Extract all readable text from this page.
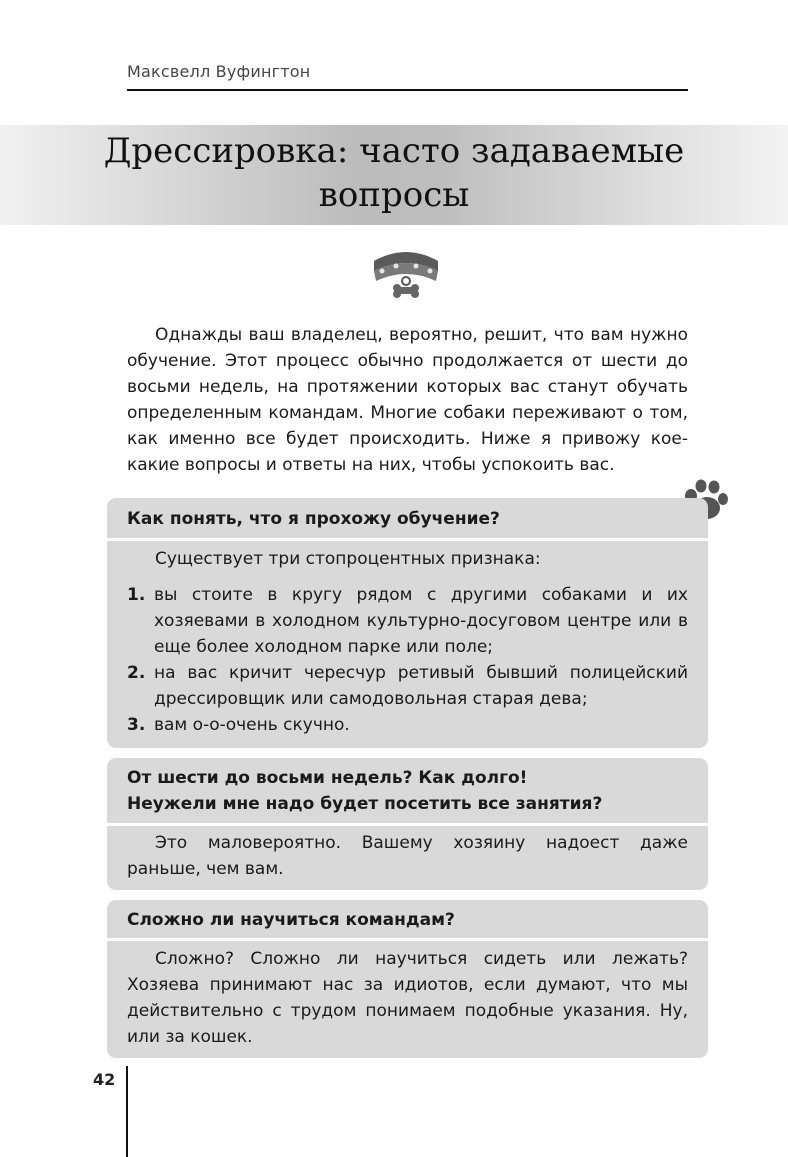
Максвелл Вуфингтон
Дрессировка: часто задаваемые
вопросы

Однажды ваш владелец, вероятно, решит, что вам нужно обучение. Этот процесс обычно продолжается от шести до восьми недель, на протяжении которых вас станут обучать определенным командам. Многие собаки переживают о том, как именно все будет происходить. Ниже я привожу кое-какие вопросы и ответы на них, чтобы успокоить вас.

Как понять, что я прохожу обучение?

Существует три стопроцентных признака:

1. вы стоите в кругу рядом с другими собаками и их хозяевами в холодном культурно-досуговом центре или в еще более холодном парке или поле;
2. на вас кричит чересчур ретивый бывший полицейский дрессировщик или самодовольная старая дева;
3. вам о-о-очень скучно.
От шести до восьми недель? Как долго!
Неужели мне надо будет посетить все занятия?

Это маловероятно. Вашему хозяину надоест даже раньше, чем вам.

Сложно ли научиться командам?

Сложно? Сложно ли научиться сидеть или лежать? Хозяева принимают нас за идиотов, если думают, что мы действительно с трудом понимаем подобные указания. Ну, или за кошек.

42
